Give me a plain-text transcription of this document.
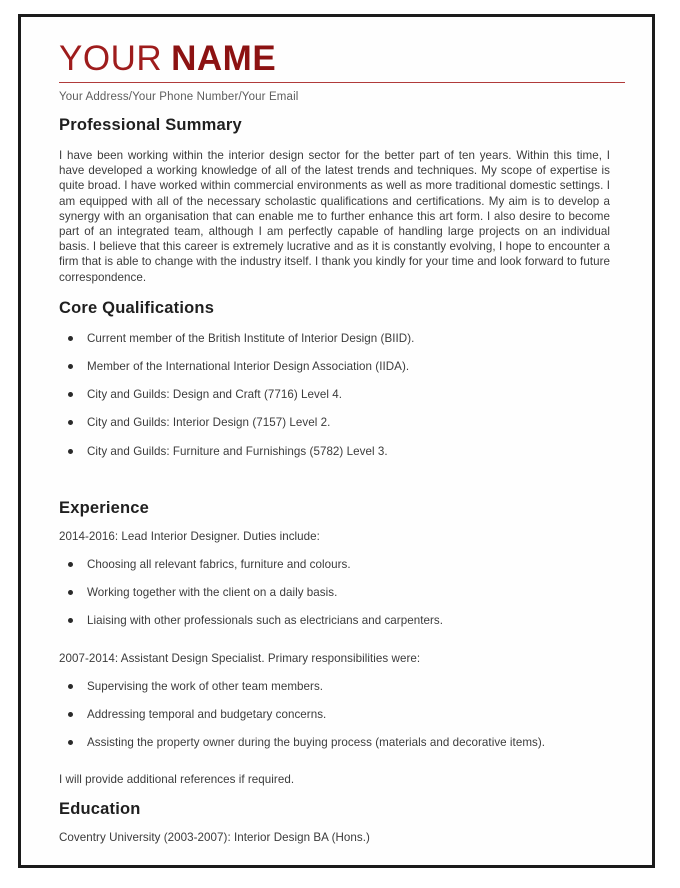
YOUR NAME
Your Address/Your Phone Number/Your Email
Professional Summary

I have been working within the interior design sector for the better part of ten years. Within this time, I have developed a working knowledge of all of the latest trends and techniques. My scope of expertise is quite broad. I have worked within commercial environments as well as more traditional domestic settings. I am equipped with all of the necessary scholastic qualifications and certifications. My aim is to develop a synergy with an organisation that can enable me to further enhance this art form. I also desire to become part of an integrated team, although I am perfectly capable of handling large projects on an individual basis. I believe that this career is extremely lucrative and as it is constantly evolving, I hope to encounter a firm that is able to change with the industry itself. I thank you kindly for your time and look forward to future correspondence.

Core Qualifications
Current member of the British Institute of Interior Design (BIID).
Member of the International Interior Design Association (IIDA).
City and Guilds: Design and Craft (7716) Level 4.
City and Guilds: Interior Design (7157) Level 2.
City and Guilds: Furniture and Furnishings (5782) Level 3.
Experience

2014-2016: Lead Interior Designer. Duties include:

Choosing all relevant fabrics, furniture and colours.
Working together with the client on a daily basis.
Liaising with other professionals such as electricians and carpenters.

2007-2014: Assistant Design Specialist. Primary responsibilities were:

Supervising the work of other team members.
Addressing temporal and budgetary concerns.
Assisting the property owner during the buying process (materials and decorative items).

I will provide additional references if required.

Education

Coventry University (2003-2007): Interior Design BA (Hons.)
